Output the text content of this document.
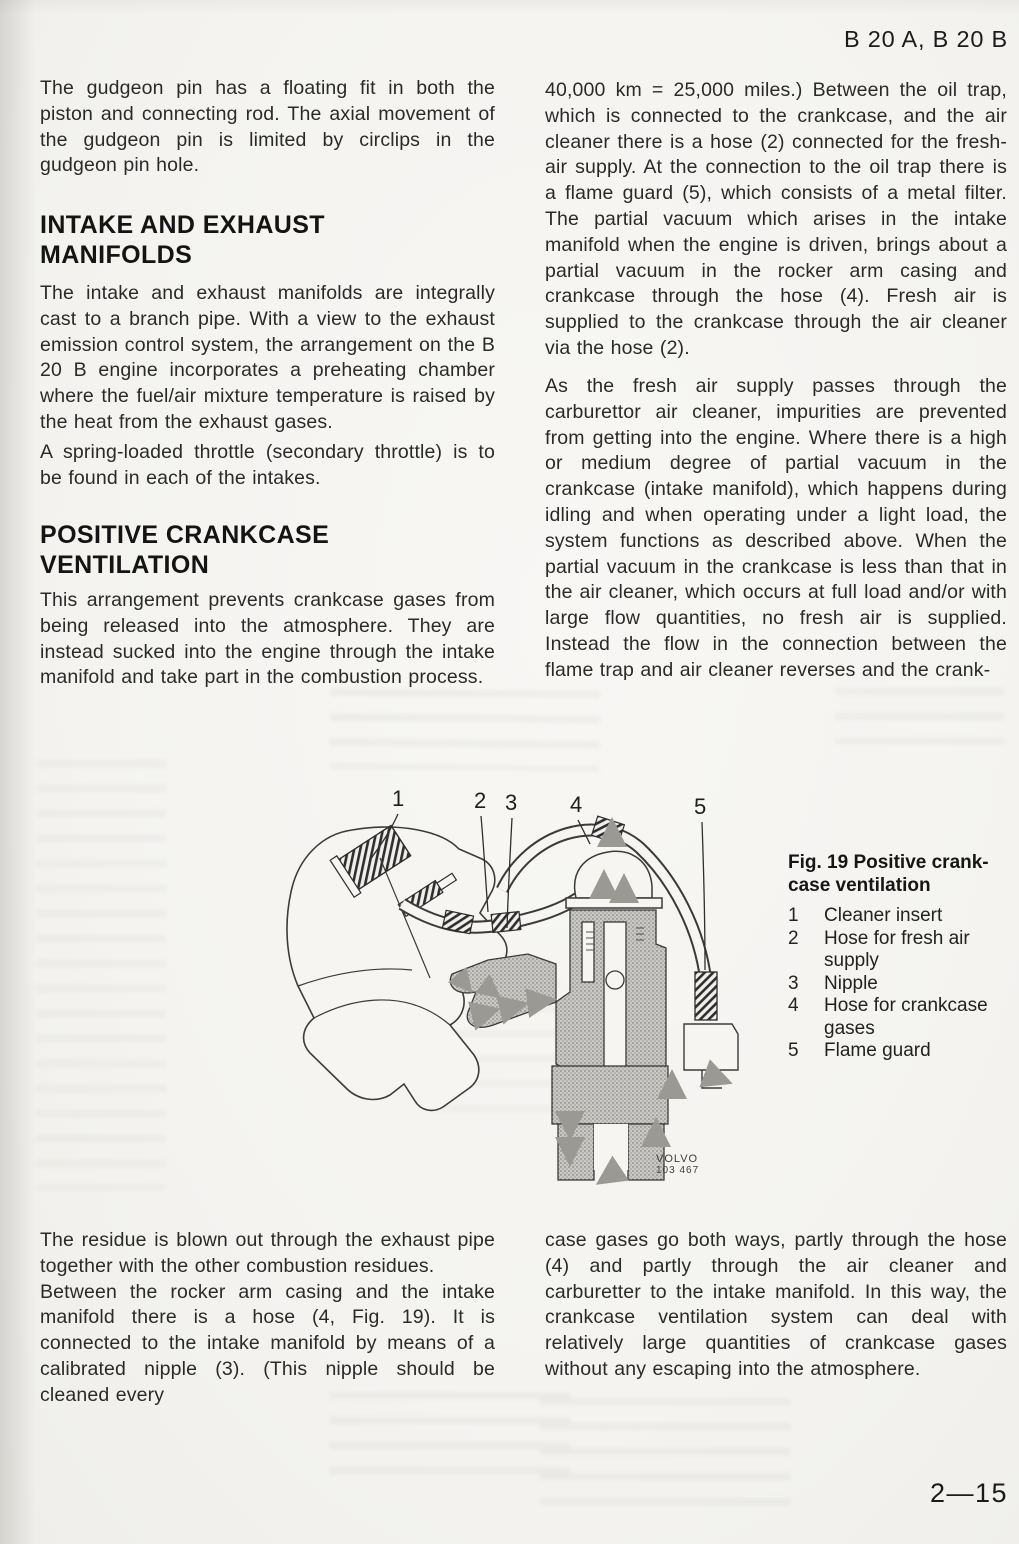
B 20 A, B 20 B

The gudgeon pin has a floating fit in both the piston and connecting rod. The axial movement of the gudgeon pin is limited by circlips in the gudgeon pin hole.

INTAKE AND EXHAUST MANIFOLDS

The intake and exhaust manifolds are integrally cast to a branch pipe. With a view to the exhaust emission control system, the arrangement on the B 20 B engine incorporates a preheating chamber where the fuel/air mixture temperature is raised by the heat from the exhaust gases.

A spring-loaded throttle (secondary throttle) is to be found in each of the intakes.

POSITIVE CRANKCASE VENTILATION

This arrangement prevents crankcase gases from being released into the atmosphere. They are instead sucked into the engine through the intake manifold and take part in the combustion process.

40,000 km = 25,000 miles.) Between the oil trap, which is connected to the crankcase, and the air cleaner there is a hose (2) connected for the fresh-air supply. At the connection to the oil trap there is a flame guard (5), which consists of a metal filter. The partial vacuum which arises in the intake manifold when the engine is driven, brings about a partial vacuum in the rocker arm casing and crankcase through the hose (4). Fresh air is supplied to the crankcase through the air cleaner via the hose (2).

As the fresh air supply passes through the carburettor air cleaner, impurities are prevented from getting into the engine. Where there is a high or medium degree of partial vacuum in the crankcase (intake manifold), which happens during idling and when operating under a light load, the system functions as described above. When the partial vacuum in the crankcase is less than that in the air cleaner, which occurs at full load and/or with large flow quantities, no fresh air is supplied. Instead the flow in the connection between the flame trap and air cleaner reverses and the crank-

1	2 3 4	5
VOLVO
103 467
Fig. 19 Positive crank-
case ventilation
1	Cleaner insert
2	Hose for fresh air supply
3	Nipple
4	Hose for crankcase gases
5	Flame guard

The residue is blown out through the exhaust pipe together with the other combustion residues.

Between the rocker arm casing and the intake manifold there is a hose (4, Fig. 19). It is connected to the intake manifold by means of a calibrated nipple (3). (This nipple should be cleaned every

case gases go both ways, partly through the hose (4) and partly through the air cleaner and carburetter to the intake manifold. In this way, the crankcase ventilation system can deal with relatively large quantities of crankcase gases without any escaping into the atmosphere.

2—15
